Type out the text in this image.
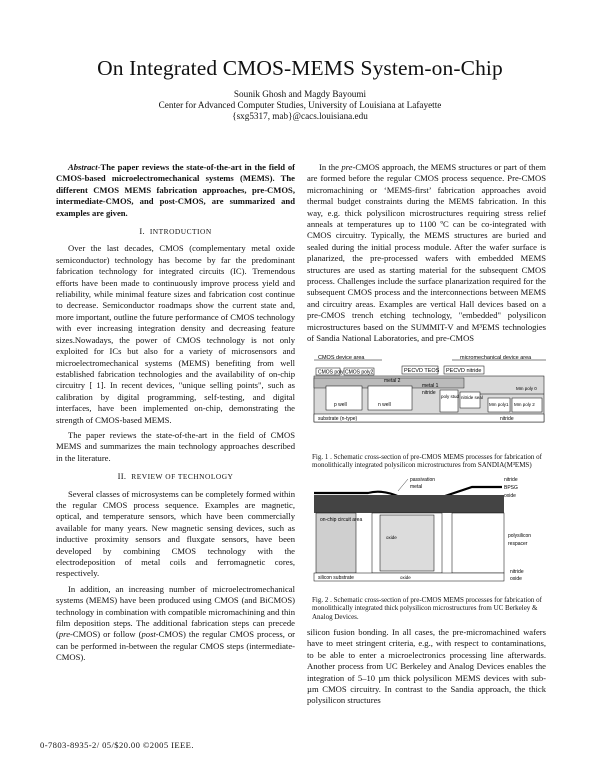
On Integrated CMOS-MEMS System-on-Chip
Sounik Ghosh and Magdy Bayoumi
Center for Advanced Computer Studies, University of Louisiana at Lafayette
{sxg5317, mab}@cacs.louisiana.edu

Abstract-The paper reviews the state-of-the-art in the field of CMOS-based microelectromechanical systems (MEMS). The different CMOS MEMS fabrication approaches, pre-CMOS, intermediate-CMOS, and post-CMOS, are summarized and examples are given.

I. INTRODUCTION

Over the last decades, CMOS (complementary metal oxide semiconductor) technology has become by far the predominant fabrication technology for integrated circuits (IC). Tremendous efforts have been made to continuously improve process yield and reliability, while minimal feature sizes and fabrication cost continue to decrease. Semiconductor roadmaps show the current state and, more important, outline the future performance of CMOS technology with ever increasing integration density and decreasing feature sizes.Nowadays, the power of CMOS technology is not only exploited for ICs but also for a variety of microsensors and microelectromechanical systems (MEMS) benefiting from well established fabrication technologies and the availability of on-chip circuitry [ 1]. In recent devices, "unique selling points", such as calibration by digital programming, self-testing, and digital interfaces, have been implemented on-chip, demonstrating the strength of CMOS-based MEMS.

The paper reviews the state-of-the-art in the field of CMOS MEMS and summarizes the main technology approaches described in the literature.

II. REVIEW OF TECHNOLOGY

Several classes of microsystems can be completely formed within the regular CMOS process sequence. Examples are magnetic, optical, and temperature sensors, which have been commercially available for many years. New magnetic sensing devices, such as inductive proximity sensors and fluxgate sensors, have been developed by combining CMOS technology with the electrodeposition of metal coils and ferromagnetic cores, respectively.

In addition, an increasing number of microelectromechanical systems (MEMS) have been produced using CMOS (and BiCMOS) technology in combination with compatible micromachining and thin film deposition steps. The additional fabrication steps can precede (pre-CMOS) or follow (post-CMOS) the regular CMOS process, or can be performed in-between the regular CMOS steps (intermediate-CMOS).

In the pre-CMOS approach, the MEMS structures or part of them are formed before the regular CMOS process sequence. Pre-CMOS micromachining or ‘MEMS-first’ fabrication approaches avoid thermal budget constraints during the MEMS fabrication. In this way, e.g. thick polysilicon microstructures requiring stress relief anneals at temperatures up to 1100 ºC can be co-integrated with CMOS circuitry. Typically, the MEMS structures are buried and sealed during the initial process module. After the wafer surface is planarized, the pre-processed wafers with embedded MEMS structures are used as starting material for the subsequent CMOS process. Challenges include the surface planarization required for the subsequent CMOS process and the interconnections between MEMS and circuitry areas. Examples are vertical Hall devices based on a pre-CMOS trench etching technology, "embedded" polysilicon microstructures based on the SUMMIT-V and M³EMS technologies of Sandia National Laboratories, and pre-CMOS

CMOS device area	micromechanical device area
CMOS poly CMOS poly2	PECVD TEOS PECVD nitride
p well	n well
metal 1
nitride
metal 2
poly stud nitride seal
Mm poly1 Mm poly 2
Mm poly 0
substrate (n-type)	nitride

Fig. 1 . Schematic cross-section of pre-CMOS MEMS processes for fabrication of monolithically integrated polysilicon microstructures from SANDIA(M³EMS)

passivation
metal
nitride
BPSG
oxide
on-chip circuit area
oxide	polysilicon
respacer
silicon substrate	oxide
nitride
oxide

Fig. 2 . Schematic cross-section of pre-CMOS MEMS processes for fabrication of monolithically integrated thick polysilicon microstructures from UC Berkeley & Analog Devices.

silicon fusion bonding. In all cases, the pre-micromachined wafers have to meet stringent criteria, e.g., with respect to contaminations, to be able to enter a microelectronics processing line afterwards. Another process from UC Berkeley and Analog Devices enables the integration of 5–10 µm thick polysilicon MEMS devices with sub-µm CMOS circuitry. In contrast to the Sandia approach, the thick polysilicon structures

0-7803-8935-2/ 05/$20.00 ©2005 IEEE.
